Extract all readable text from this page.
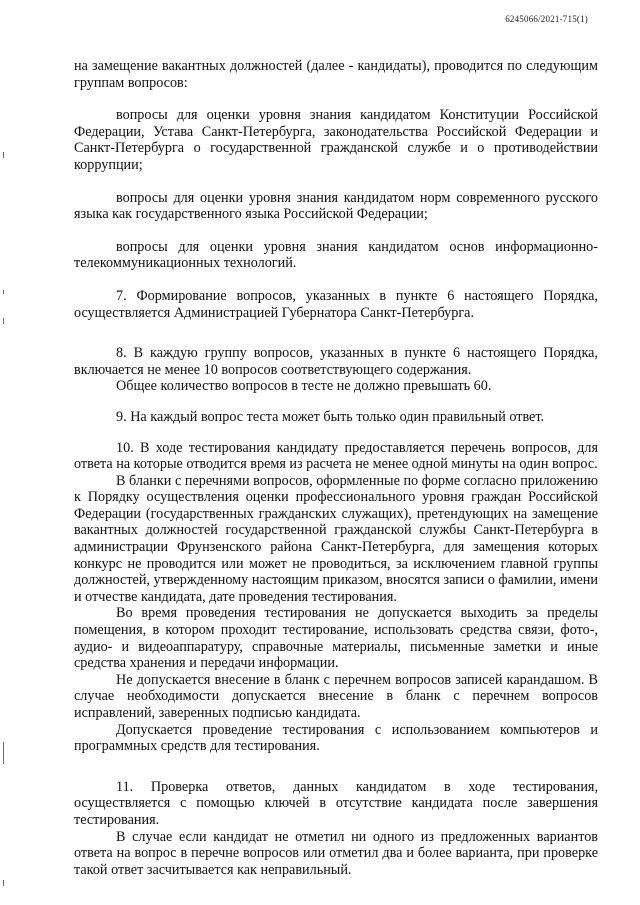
6245066/2021-715(1)

на замещение вакантных должностей (далее - кандидаты), проводится по следующим группам вопросов:

вопросы для оценки уровня знания кандидатом Конституции Российской Федерации, Устава Санкт-Петербурга, законодательства Российской Федерации и Санкт-Петербурга о государственной гражданской службе и о противодействии коррупции;

вопросы для оценки уровня знания кандидатом норм современного русского языка как государственного языка Российской Федерации;

вопросы для оценки уровня знания кандидатом основ информационно-телекоммуникационных технологий.

7. Формирование вопросов, указанных в пункте 6 настоящего Порядка, осуществляется Администрацией Губернатора Санкт-Петербурга.

8. В каждую группу вопросов, указанных в пункте 6 настоящего Порядка, включается не менее 10 вопросов соответствующего содержания.

Общее количество вопросов в тесте не должно превышать 60.

9. На каждый вопрос теста может быть только один правильный ответ.

10. В ходе тестирования кандидату предоставляется перечень вопросов, для ответа на которые отводится время из расчета не менее одной минуты на один вопрос.

В бланки с перечнями вопросов, оформленные по форме согласно приложению к Порядку осуществления оценки профессионального уровня граждан Российской Федерации (государственных гражданских служащих), претендующих на замещение вакантных должностей государственной гражданской службы Санкт-Петербурга в администрации Фрунзенского района Санкт-Петербурга, для замещения которых конкурс не проводится или может не проводиться, за исключением главной группы должностей, утвержденному настоящим приказом, вносятся записи о фамилии, имени и отчестве кандидата, дате проведения тестирования.

Во время проведения тестирования не допускается выходить за пределы помещения, в котором проходит тестирование, использовать средства связи, фото-, аудио- и видеоаппаратуру, справочные материалы, письменные заметки и иные средства хранения и передачи информации.

Не допускается внесение в бланк с перечнем вопросов записей карандашом. В случае необходимости допускается внесение в бланк с перечнем вопросов исправлений, заверенных подписью кандидата.

Допускается проведение тестирования с использованием компьютеров и программных средств для тестирования.

11. Проверка ответов, данных кандидатом в ходе тестирования, осуществляется с помощью ключей в отсутствие кандидата после завершения тестирования.

В случае если кандидат не отметил ни одного из предложенных вариантов ответа на вопрос в перечне вопросов или отметил два и более варианта, при проверке такой ответ засчитывается как неправильный.
